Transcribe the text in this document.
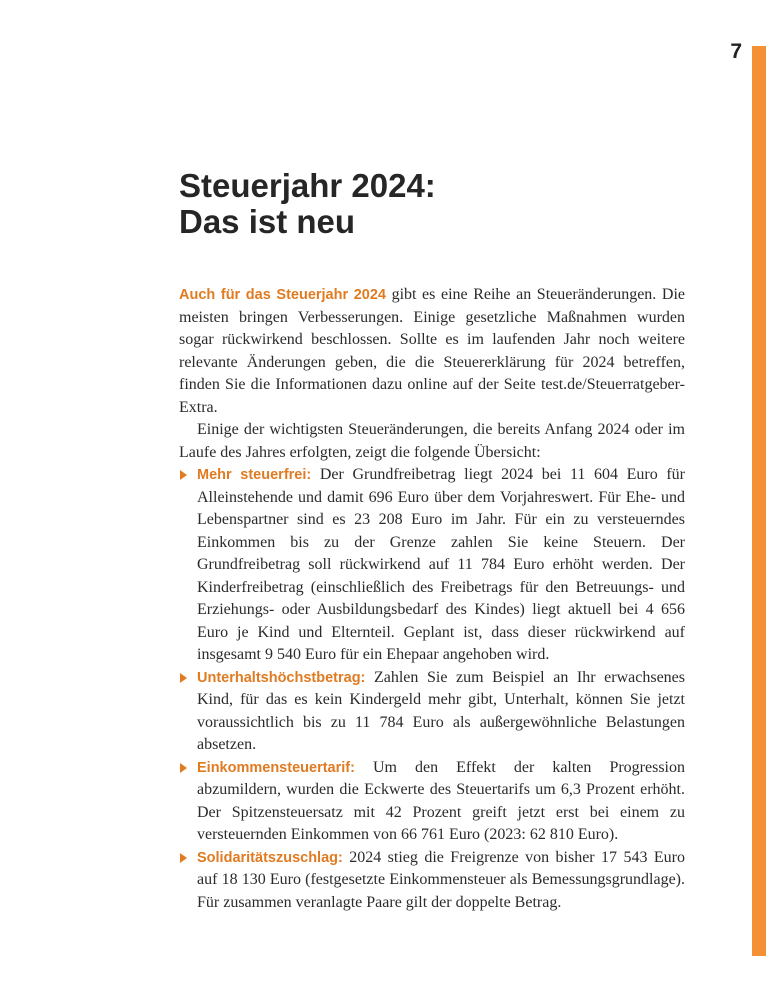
7
Steuerjahr 2024:
Das ist neu

Auch für das Steuerjahr 2024 gibt es eine Reihe an Steueränderungen. Die meisten bringen Verbesserungen. Einige gesetzliche Maßnahmen wurden sogar rückwirkend beschlossen. Sollte es im laufenden Jahr noch weitere relevante Änderungen geben, die die Steuererklärung für 2024 betreffen, finden Sie die Informationen dazu online auf der Seite test.de/Steuerratgeber-Extra.

Einige der wichtigsten Steueränderungen, die bereits Anfang 2024 oder im Laufe des Jahres erfolgten, zeigt die folgende Übersicht:

Mehr steuerfrei: Der Grundfreibetrag liegt 2024 bei 11 604 Euro für Alleinstehende und damit 696 Euro über dem Vorjahreswert. Für Ehe- und Lebenspartner sind es 23 208 Euro im Jahr. Für ein zu versteuerndes Einkommen bis zu der Grenze zahlen Sie keine Steuern. Der Grundfreibetrag soll rückwirkend auf 11 784 Euro erhöht werden. Der Kinderfreibetrag (einschließlich des Freibetrags für den Betreuungs- und Erziehungs- oder Ausbildungsbedarf des Kindes) liegt aktuell bei 4 656 Euro je Kind und Elternteil. Geplant ist, dass dieser rückwirkend auf insgesamt 9 540 Euro für ein Ehepaar angehoben wird.
Unterhaltshöchstbetrag: Zahlen Sie zum Beispiel an Ihr erwachsenes Kind, für das es kein Kindergeld mehr gibt, Unterhalt, können Sie jetzt voraussichtlich bis zu 11 784 Euro als außergewöhnliche Belastungen absetzen.
Einkommensteuertarif: Um den Effekt der kalten Progression abzumildern, wurden die Eckwerte des Steuertarifs um 6,3 Prozent erhöht. Der Spitzensteuersatz mit 42 Prozent greift jetzt erst bei einem zu versteuernden Einkommen von 66 761 Euro (2023: 62 810 Euro).
Solidaritätszuschlag: 2024 stieg die Freigrenze von bisher 17 543 Euro auf 18 130 Euro (festgesetzte Einkommensteuer als Bemessungsgrundlage). Für zusammen veranlagte Paare gilt der doppelte Betrag.
